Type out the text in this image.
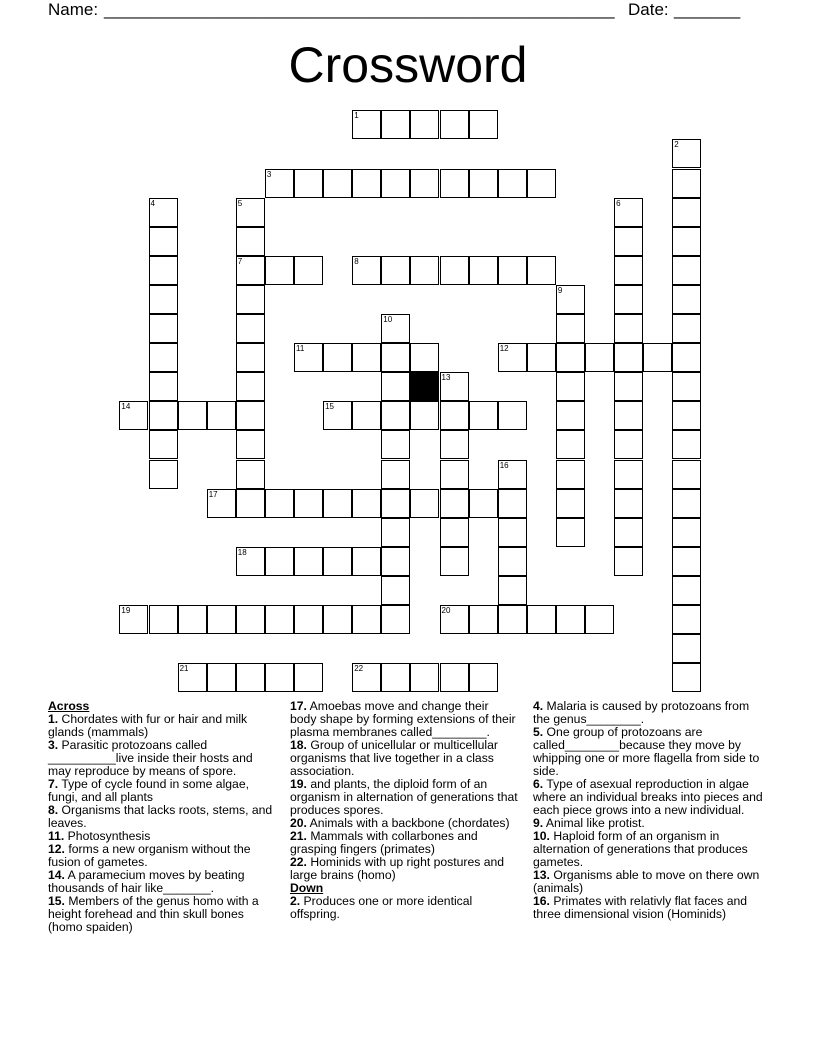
Name: ______________________________________________________ Date: _______
Crossword
1
3
7	8
11	12
14	15
17
18
19	20
21	22
2
4	5	6
9
10
13
16

Across

1. Chordates with fur or hair and milk glands (mammals)

3. Parasitic protozoans called __________live inside their hosts and may reproduce by means of spore.

7. Type of cycle found in some algae, fungi, and all plants

8. Organisms that lacks roots, stems, and leaves.

11. Photosynthesis

12. forms a new organism without the fusion of gametes.

14. A paramecium moves by beating thousands of hair like_______.

15. Members of the genus homo with a height forehead and thin skull bones (homo spaiden)

17. Amoebas move and change their body shape by forming extensions of their plasma membranes called________.

18. Group of unicellular or multicellular organisms that live together in a class association.

19. and plants, the diploid form of an organism in alternation of generations that produces spores.

20. Animals with a backbone (chordates)

21. Mammals with collarbones and grasping fingers (primates)

22. Hominids with up right postures and large brains (homo)

Down

2. Produces one or more identical offspring.

4. Malaria is caused by protozoans from the genus________.

5. One group of protozoans are called________because they move by whipping one or more flagella from side to side.

6. Type of asexual reproduction in algae where an individual breaks into pieces and each piece grows into a new individual.

9. Animal like protist.

10. Haploid form of an organism in alternation of generations that produces gametes.

13. Organisms able to move on there own (animals)

16. Primates with relativly flat faces and three dimensional vision (Hominids)
